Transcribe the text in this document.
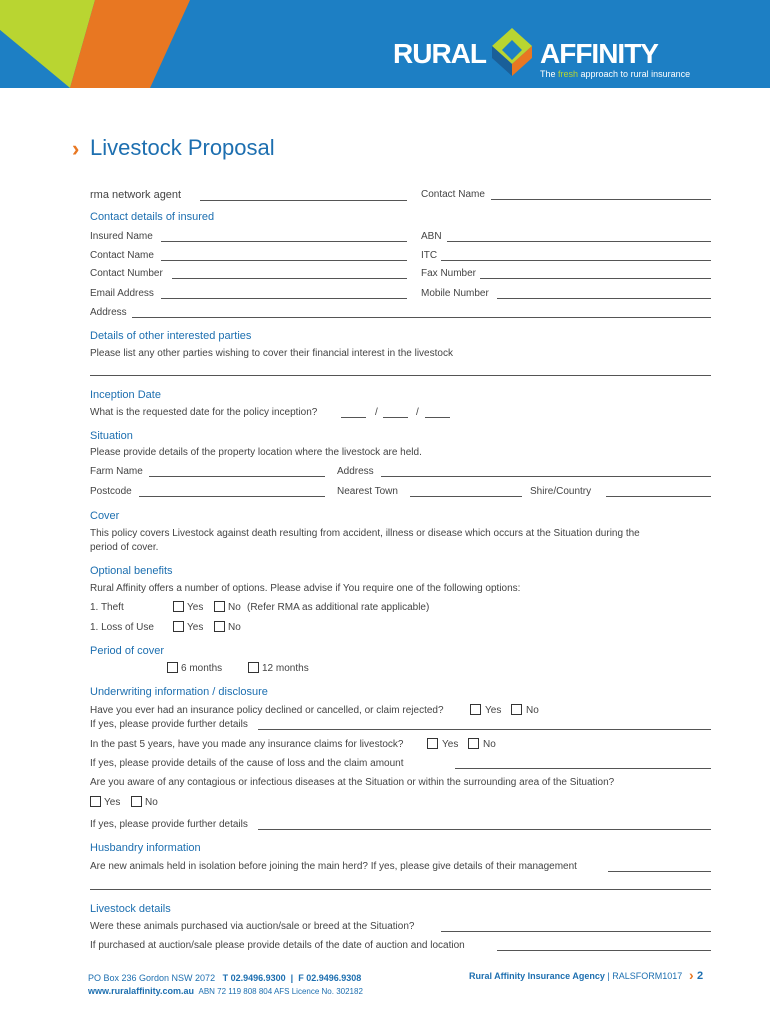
RURAL AFFINITY
The fresh approach to rural insurance
› Livestock Proposal
rma network agent	Contact Name
Contact details of insured
Insured Name	ABN
Contact Name	ITC
Contact Number	Fax Number
Email Address	Mobile Number
Address
Details of other interested parties
Please list any other parties wishing to cover their financial interest in the livestock
Inception Date
What is the requested date for the policy inception?	/	/
Situation
Please provide details of the property location where the livestock are held.
Farm Name	Address
Postcode	Nearest Town	Shire/Country
Cover
This policy covers Livestock against death resulting from accident, illness or disease which occurs at the Situation during the
period of cover.
Optional benefits
Rural Affinity offers a number of options. Please advise if You require one of the following options:
1. Theft	Yes No (Refer RMA as additional rate applicable)
1. Loss of Use	Yes No
Period of cover
6 months	12 months
Underwriting information / disclosure
Have you ever had an insurance policy declined or cancelled, or claim rejected?	Yes No
If yes, please provide further details
In the past 5 years, have you made any insurance claims for livestock?	Yes No
If yes, please provide details of the cause of loss and the claim amount
Are you aware of any contagious or infectious diseases at the Situation or within the surrounding area of the Situation?
Yes No
If yes, please provide further details
Husbandry information
Are new animals held in isolation before joining the main herd? If yes, please give details of their management
Livestock details
Were these animals purchased via auction/sale or breed at the Situation?
If purchased at auction/sale please provide details of the date of auction and location
PO Box 236 Gordon NSW 2072 T 02.9496.9300 | F 02.9496.9308
www.ruralaffinity.com.au ABN 72 119 808 804 AFS Licence No. 302182
Rural Affinity Insurance Agency | RALSFORM1017 › 2
